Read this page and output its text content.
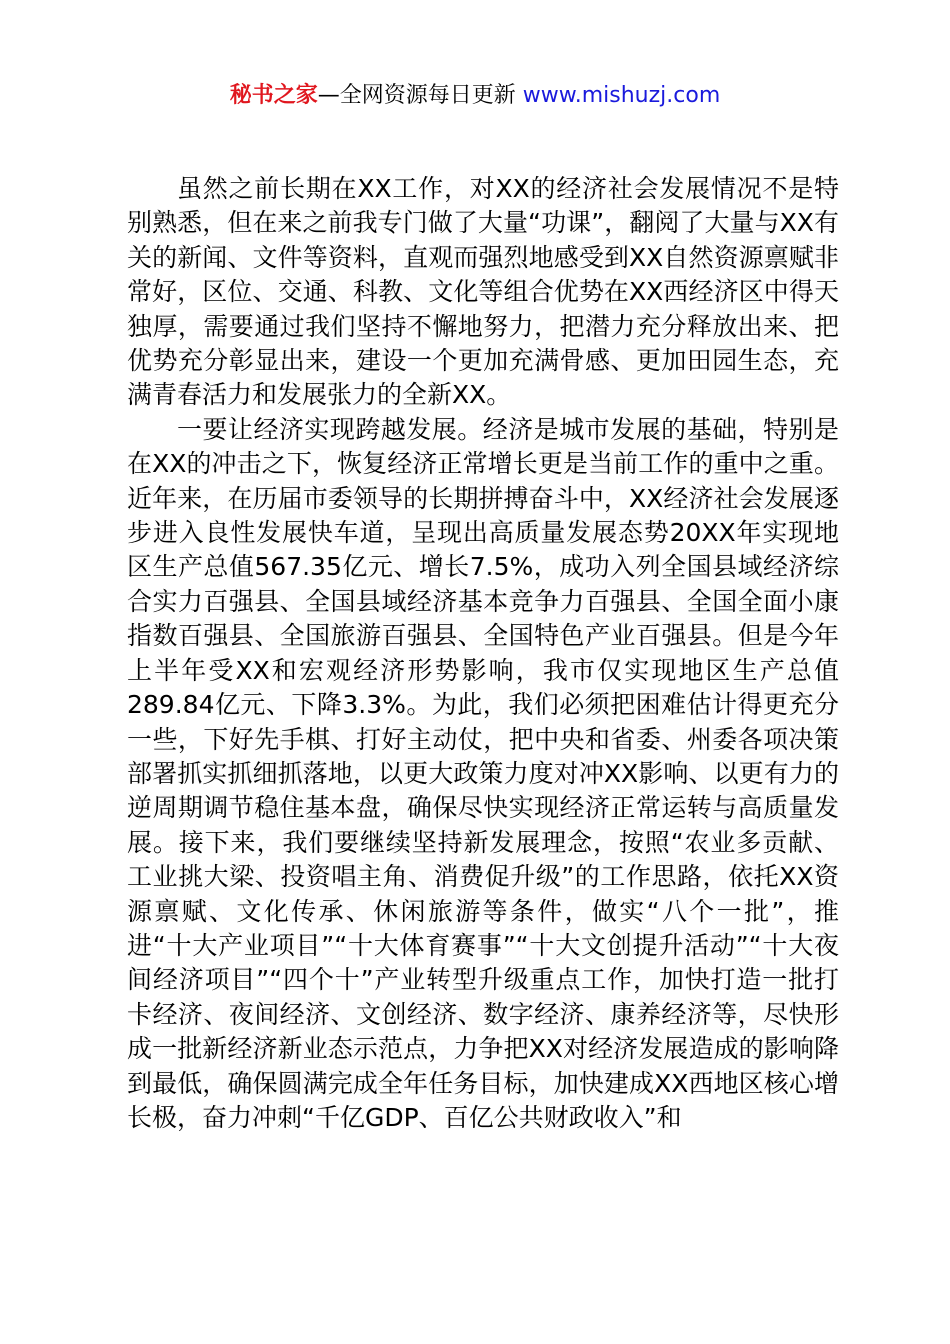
秘书之家—全网资源每日更新 www.mishuzj.com

虽然之前长期在XX工作，对XX的经济社会发展情况不是特别熟悉，但在来之前我专门做了大量“功课”，翻阅了大量与XX有关的新闻、文件等资料，直观而强烈地感受到XX自然资源禀赋非常好，区位、交通、科教、文化等组合优势在XX西经济区中得天独厚，需要通过我们坚持不懈地努力，把潜力充分释放出来、把优势充分彰显出来，建设一个更加充满骨感、更加田园生态，充满青春活力和发展张力的全新XX。

一要让经济实现跨越发展。经济是城市发展的基础，特别是在XX的冲击之下，恢复经济正常增长更是当前工作的重中之重。近年来，在历届市委领导的长期拼搏奋斗中，XX经济社会发展逐步进入良性发展快车道，呈现出高质量发展态势20XX年实现地区生产总值567.35亿元、增长7.5%，成功入列全国县域经济综合实力百强县、全国县域经济基本竞争力百强县、全国全面小康指数百强县、全国旅游百强县、全国特色产业百强县。但是今年上半年受XX和宏观经济形势影响，我市仅实现地区生产总值289.84亿元、下降3.3%。为此，我们必须把困难估计得更充分一些，下好先手棋、打好主动仗，把中央和省委、州委各项决策部署抓实抓细抓落地，以更大政策力度对冲XX影响、以更有力的逆周期调节稳住基本盘，确保尽快实现经济正常运转与高质量发展。接下来，我们要继续坚持新发展理念，按照“农业多贡献、工业挑大梁、投资唱主角、消费促升级”的工作思路，依托XX资源禀赋、文化传承、休闲旅游等条件，做实“八个一批”，推进“十大产业项目”“十大体育赛事”“十大文创提升活动”“十大夜间经济项目”“四个十”产业转型升级重点工作，加快打造一批打卡经济、夜间经济、文创经济、数字经济、康养经济等，尽快形成一批新经济新业态示范点，力争把XX对经济发展造成的影响降到最低，确保圆满完成全年任务目标，加快建成XX西地区核心增长极，奋力冲刺“千亿GDP、百亿公共财政收入”和
